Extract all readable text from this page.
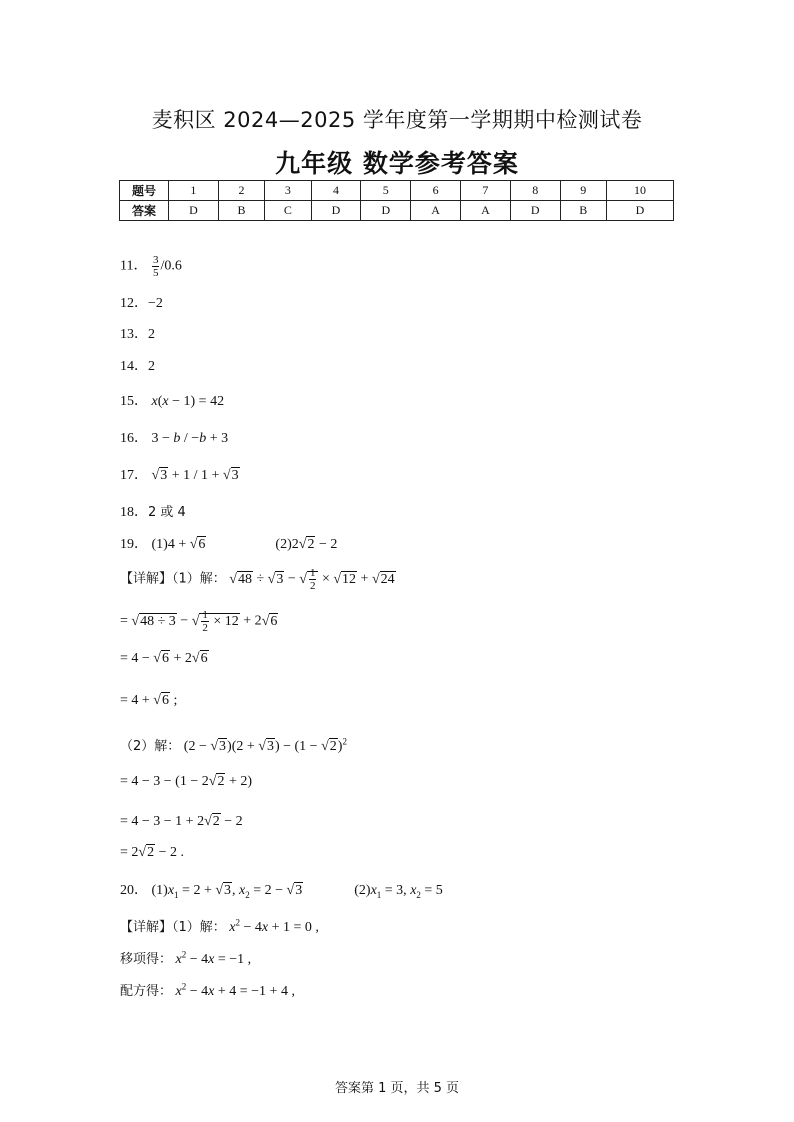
麦积区 2024—2025 学年度第一学期期中检测试卷
九年级 数学参考答案
题号	1	2	3	4	5	6	7	8	9	10
答案	D	B	C	D	D	A	A	D	B	D
11． $\frac{3}{5} /0.6$
12．−2
13．2
14．2
15． x(x − 1) = 42
16． 3 − b / −b + 3
17． √ 3 + 1 / 1 + √ 3
18．2 或 4
19． (1)4 + √ 6	(2)2 √ 2 − 2
【详解】（1）解： √ 48 ÷ √ 3 − √ $\frac{1}{2}$ × √ 12 + √ 24
= √ 48 ÷ 3 − √ $\frac{1}{2} \times 12 + 2$ √ 6
= 4 − √ 6 + 2 √ 6
= 4 + √ 6 ;
（2）解： (2 − √ 3)(2 + √ 3) − (1 − √ 2)$^2$
= 4 − 3 − (1 − 2 √ 2 + 2)
= 4 − 3 − 1 + 2 √ 2 − 2
= 2 √ 2 − 2 .
20． $(1)x_1 = 2$ + √ 3, $x_2 = 2$ − √ 3	$(2)x_1 = 3$, $x_2 = 5$
【详解】（1）解： $x^2 - 4x + 1 = 0$ ,
移项得： $x^2 - 4x = -1$ ,
配方得： $x^2 - 4x + 4 = -1 + 4$ ,
答案第 1 页，共 5 页
